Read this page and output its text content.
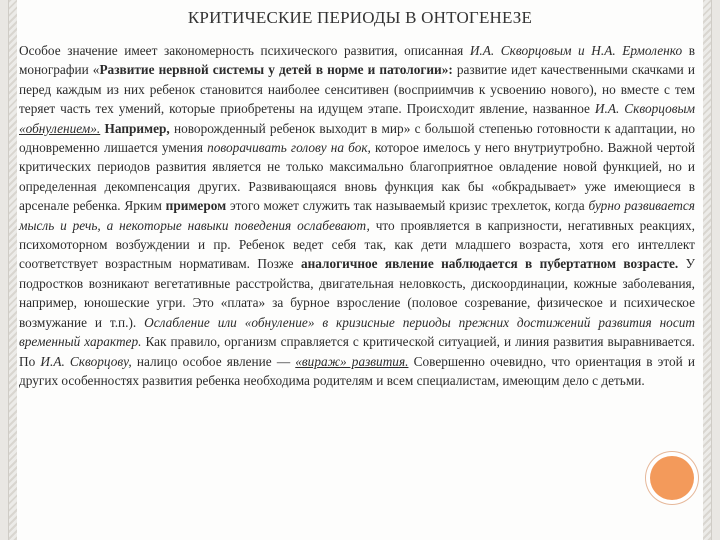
КРИТИЧЕСКИЕ ПЕРИОДЫ В ОНТОГЕНЕЗЕ
Особое значение имеет закономерность психического развития, описанная И.А. Скворцовым и Н.А. Ермоленко в монографии «Развитие нервной системы у детей в норме и патологии»: развитие идет качественными скачками и перед каждым из них ребенок становится наиболее сенситивен (восприимчив к усвоению нового), но вместе с тем теряет часть тех умений, которые приобретены на идущем этапе. Происходит явление, названное И.А. Скворцовым «обнулением». Например, новорожденный ребенок выходит в мир» с большой степенью готовности к адаптации, но одновременно лишается умения поворачивать голову на бок, которое имелось у него внутриутробно. Важной чертой критических периодов развития является не только максимально благоприятное овладение новой функцией, но и определенная декомпенсация других. Развивающаяся вновь функция как бы «обкрадывает» уже имеющиеся в арсенале ребенка. Ярким примером этого может служить так называемый кризис трехлеток, когда бурно развивается мысль и речь, а некоторые навыки поведения ослабевают, что проявляется в капризности, негативных реакциях, психомоторном возбуждении и пр. Ребенок ведет себя так, как дети младшего возраста, хотя его интеллект соответствует возрастным нормативам. Позже аналогичное явление наблюдается в пубертатном возрасте. У подростков возникают вегетативные расстройства, двигательная неловкость, дискоординации, кожные заболевания, например, юношеские угри. Это «плата» за бурное взросление (половое созревание, физическое и психическое возмужание и т.п.). Ослабление или «обнуление» в кризисные периоды прежних достижений развития носит временный характер. Как правило, организм справляется с критической ситуацией, и линия развития выравнивается. По И.А. Скворцову, налицо особое явление — «вираж» развития. Совершенно очевидно, что ориентация в этой и других особенностях развития ребенка необходима родителям и всем специалистам, имеющим дело с детьми.
